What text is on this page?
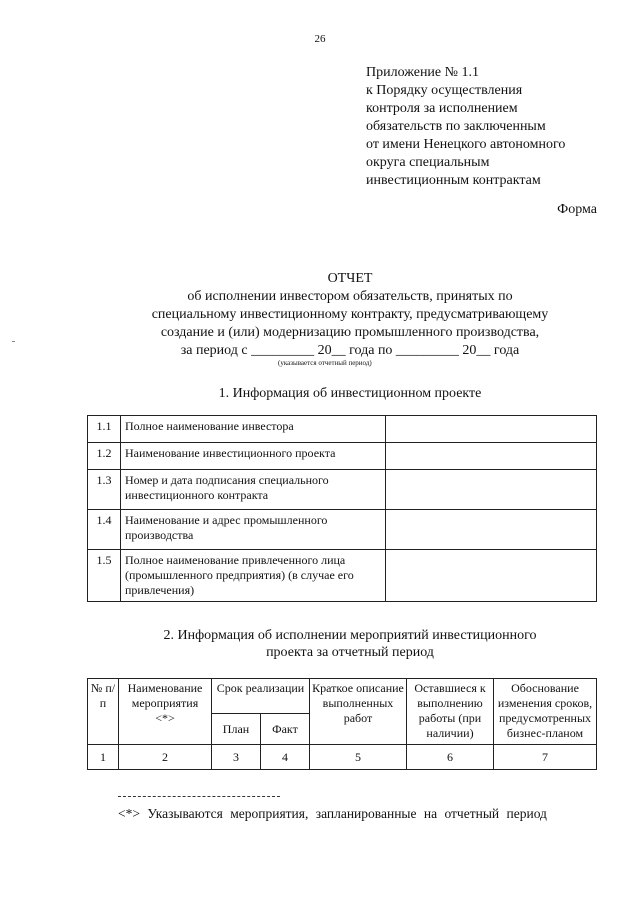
26
Приложение № 1.1
к Порядку осуществления
контроля за исполнением
обязательств по заключенным
от имени Ненецкого автономного
округа специальным
инвестиционным контрактам
Форма
ОТЧЕТ
об исполнении инвестором обязательств, принятых по
специальному инвестиционному контракту, предусматривающему
создание и (или) модернизацию промышленного производства,
за период с _________ 20__ года по _________ 20__ года
(указывается отчетный период)
1. Информация об инвестиционном проекте
1.1	Полное наименование инвестора	
1.2	Наименование инвестиционного проекта	
1.3	Номер и дата подписания специального инвестиционного контракта	
1.4	Наименование и адрес промышленного производства	
1.5	Полное наименование привлеченного лица (промышленного предприятия) (в случае его привлечения)	
2. Информация об исполнении мероприятий инвестиционного
проекта за отчетный период
№ п/п	Наименование мероприятия <*>	Срок реализации		Краткое описание выполненных работ	Оставшиеся к выполнению работы (при наличии)	Обоснование изменения сроков, предусмотренных бизнес-планом
		План	Факт			
1	2	3	4	5	6	7
<*> Указываются мероприятия, запланированные на отчетный период
